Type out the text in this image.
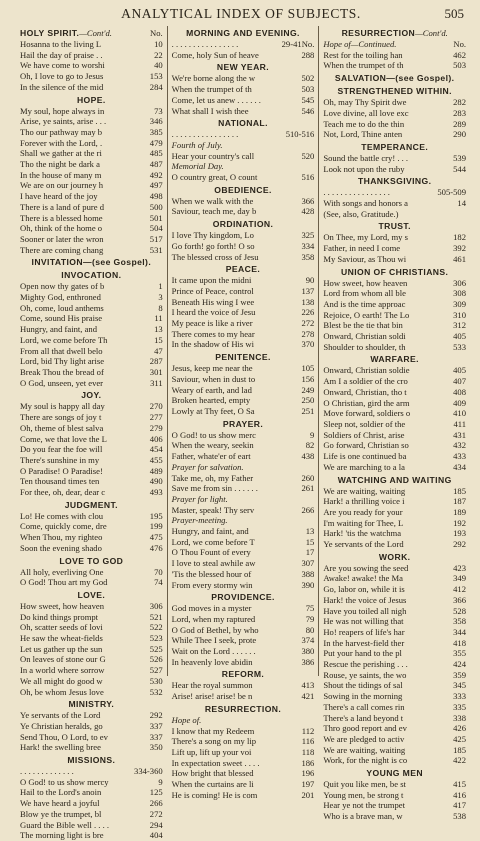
ANALYTICAL INDEX OF SUBJECTS.	505
No.
HOLY SPIRIT.—Cont'd.
Hosanna to the living L	10
Hail the day of praise . .	22
We have come to worshi	40
Oh, I love to go to Jesus	153
In the silence of the mid	284
HOPE.
My soul, hope always in	73
Arise, ye saints, arise . . .	346
Tho our pathway may b	385
Forever with the Lord, .	479
Shall we gather at the ri	485
Tho the night be dark a	487
In the house of many m	492
We are on our journey h	497
I have heard of the joy	498
There is a land of pure d	500
There is a blessed home	501
Oh, think of the home o	504
Sooner or later the wron	517
There are coming chang	531
INVITATION—(see Gospel).
INVOCATION.
Open now thy gates of b	1
Mighty God, enthroned	3
Oh, come, loud anthems	8
Come, sound His praise	11
Hungry, and faint, and	13
Lord, we come before Th	15
From all that dwell belo	47
Lord, bid Thy light arise	287
Break Thou the bread of	301
O God, unseen, yet ever	311
JOY.
My soul is happy all day	270
There are songs of joy t	277
Oh, theme of blest salva	279
Come, we that love the L	406
Do you fear the foe will	454
There's sunshine in my	455
O Paradise! O Paradise!	489
Ten thousand times ten	490
For thee, oh, dear, dear c	493
JUDGMENT.
Lo! He comes with clou	195
Come, quickly come, dre	199
When Thou, my righteo	475
Soon the evening shado	476
LOVE TO GOD
All holy, everliving One	70
O God! Thou art my God	74
LOVE.
How sweet, how heaven	306
Do kind things prompt	521
Oh, scatter seeds of lovi	522
He saw the wheat-fields	523
Let us gather up the sun	525
On leaves of stone our G	526
In a world where sorrow	527
We all might do good w	530
Oh, be whom Jesus love	532
MINISTRY.
Ye servants of the Lord	292
Ye Christian heralds, go	337
Send Thou, O Lord, to ev	337
Hark! the swelling bree	350
MISSIONS.
. . . . . . . . . . . . .	334-360
O God! to us show mercy	9
Hail to the Lord's anoin	125
We have heard a joyful	266
Blow ye the trumpet, bl	272
Guard the Bible well . . . .	294
The morning light is bre	404
MORNING AND EVENING.
No.
. . . . . . . . . . . . . . . .	29-41
Come, holy Sun of heave	288
NEW YEAR.
We're borne along the w	502
When the trumpet of th	503
Come, let us anew . . . . . .	545
What shall I wish thee	546
NATIONAL.
. . . . . . . . . . . . . . . .	510-516
Fourth of July.
Hear your country's call	520
Memorial Day.
O country great, O count	516
OBEDIENCE.
When we walk with the	366
Saviour, teach me, day b	428
ORDINATION.
I love Thy kingdom, Lo	325
Go forth! go forth! O so	334
The blessed cross of Jesu	358
PEACE.
It came upon the midni	90
Prince of Peace, control	137
Beneath His wing I wee	138
I heard the voice of Jesu	226
My peace is like a river	272
There comes to my hear	278
In the shadow of His wi	370
PENITENCE.
Jesus, keep me near the	105
Saviour, when in dust to	156
Weary of earth, and lad	249
Broken hearted, empty	250
Lowly at Thy feet, O Sa	251
PRAYER.
O God! to us show merc	9
When the weary, seekin	82
Father, whate'er of eart	438
Prayer for salvation.
Take me, oh, my Father	260
Save me from sin . . . . . .	261
Prayer for light.
Master, speak! Thy serv	266
Prayer-meeting.
Hungry, and faint, and	13
Lord, we come before T	15
O Thou Fount of every	17
I love to steal awhile aw	307
'Tis the blessed hour of	388
From every stormy win	390
PROVIDENCE.
God moves in a myster	75
Lord, when my raptured	79
O God of Bethel, by who	80
While Thee I seek, prote	374
Wait on the Lord . . . . . .	380
In heavenly love abidin	386
REFORM.
Hear the royal summon	413
Arise! arise! arise! be n	421
RESURRECTION.
Hope of.
I know that my Redeem	112
There's a song on my lip	116
Lift up, lift up your voi	118
In expectation sweet . . . .	186
How bright that blessed	196
When the curtains are li	197
He is coming! He is com	201
RESURRECTION—Cont'd.
Hope of—Continued.	No.
Rest for the toiling han	462
When the trumpet of th	503
SALVATION—(see Gospel).
STRENGTHENED WITHIN.
Oh, may Thy Spirit dwe	282
Love divine, all love exc	283
Teach me to do the thin	289
Not, Lord, Thine anten	290
TEMPERANCE.
Sound the battle cry! . . .	539
Look not upon the ruby	544
THANKSGIVING.
. . . . . . . . . . . . . . . .	505-509
With songs and honors a	14
(See, also, Gratitude.)
TRUST.
On Thee, my Lord, my s	182
Father, in need I come	392
My Saviour, as Thou wi	461
UNION OF CHRISTIANS.
How sweet, how heaven	306
Lord from whom all ble	308
And is the time approac	309
Rejoice, O earth! The Lo	310
Blest be the tie that bin	312
Onward, Christian soldi	405
Shoulder to shoulder, th	533
WARFARE.
Onward, Christian soldie	405
Am I a soldier of the cro	407
Onward, Christian, tho t	408
O Christian, gird the arm	409
Move forward, soldiers o	410
Sleep not, soldier of the	411
Soldiers of Christ, arise	431
Go forward, Christian so	432
Life is one continued ba	433
We are marching to a la	434
WATCHING AND WAITING
We are waiting, waiting	185
Hark! a thrilling voice i	187
Are you ready for your	189
I'm waiting for Thee, L	192
Hark! 'tis the watchma	193
Ye servants of the Lord	292
WORK.
Are you sowing the seed	423
Awake! awake! the Ma	349
Go, labor on, while it is	412
Hark! the voice of Jesus	366
Have you toiled all nigh	528
He was not willing that	358
Ho! reapers of life's har	344
In the harvest-field ther	418
Put your hand to the pl	355
Rescue the perishing . . .	424
Rouse, ye saints, the wo	359
Shout the tidings of sal	345
Sowing in the morning	333
There's a call comes rin	335
There's a land beyond t	338
Thro good report and ev	426
We are pledged to activ	425
We are waiting, waiting	185
Work, for the night is co	422
YOUNG MEN
Quit you like men, be st	415
Young men, be strong t	416
Hear ye not the trumpet	417
Who is a brave man, w	538
